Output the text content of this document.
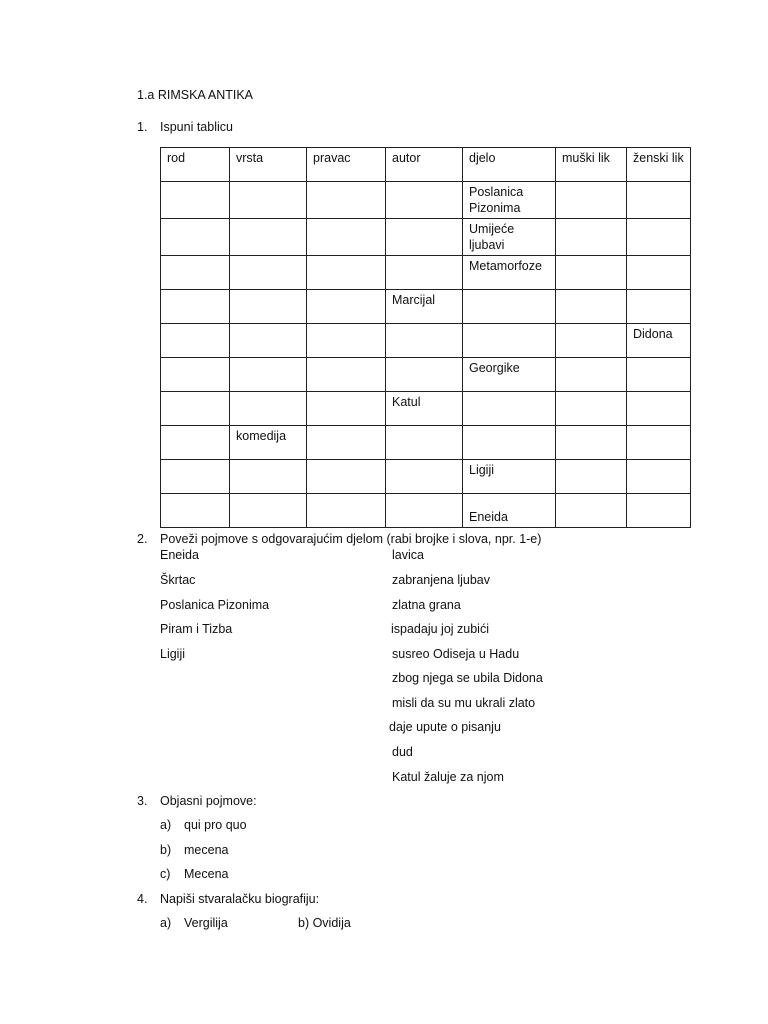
1.a RIMSKA ANTIKA
1. Ispuni tablicu
rod	vrsta	pravac	autor	djelo	muški lik	ženski lik
				Poslanica Pizonima		
				Umijeće ljubavi		
				Metamorfoze		
			Marcijal			
						Didona
				Georgike		
			Katul			
	komedija					
				Ligiji		
				Eneida		
2. Poveži pojmove s odgovarajućim djelom (rabi brojke i slova, npr. 1-e)
Eneida
Škrtac
Poslanica Pizonima
Piram i Tizba
Ligiji
lavica
zabranjena ljubav
zlatna grana
ispadaju joj zubići
susreo Odiseja u Hadu
zbog njega se ubila Didona
misli da su mu ukrali zlato
daje upute o pisanju
dud
Katul žaluje za njom
3. Objasni pojmove:
a) qui pro quo
b) mecena
c) Mecena
4. Napiši stvaralačku biografiju:
a) Vergilija	b) Ovidija
